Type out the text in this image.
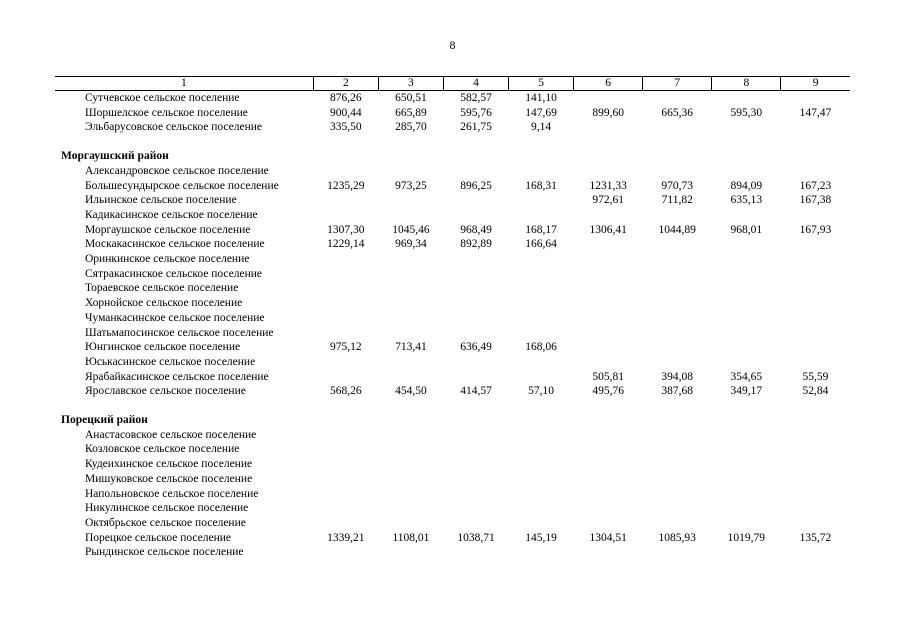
8
1	2	3	4	5	6	7	8	9
Сутчевское сельское поселение	876,26	650,51	582,57	141,10				
Шоршелское сельское поселение	900,44	665,89	595,76	147,69	899,60	665,36	595,30	147,47
Эльбарусовское сельское поселение	335,50	285,70	261,75	9,14				

Моргаушский район								
Александровское сельское поселение								
Большесундырское сельское поселение	1235,29	973,25	896,25	168,31	1231,33	970,73	894,09	167,23
Ильинское сельское поселение					972,61	711,82	635,13	167,38
Кадикасинское сельское поселение								
Моргаушское сельское поселение	1307,30	1045,46	968,49	168,17	1306,41	1044,89	968,01	167,93
Москакасинское сельское поселение	1229,14	969,34	892,89	166,64				
Оринкинское сельское поселение								
Сятракасинское сельское поселение								
Тораевское сельское поселение								
Хорнойское сельское поселение								
Чуманкасинское сельское поселение								
Шатьмапосинское сельское поселение								
Юнгинское сельское поселение	975,12	713,41	636,49	168,06				
Юськасинское сельское поселение								
Ярабайкасинское сельское поселение					505,81	394,08	354,65	55,59
Ярославское сельское поселение	568,26	454,50	414,57	57,10	495,76	387,68	349,17	52,84

Порецкий район								
Анастасовское сельское поселение								
Козловское сельское поселение								
Кудеихинское сельское поселение								
Мишуковское сельское поселение								
Напольновское сельское поселение								
Никулинское сельское поселение								
Октябрьское сельское поселение								
Порецкое сельское поселение	1339,21	1108,01	1038,71	145,19	1304,51	1085,93	1019,79	135,72
Рындинское сельское поселение								
